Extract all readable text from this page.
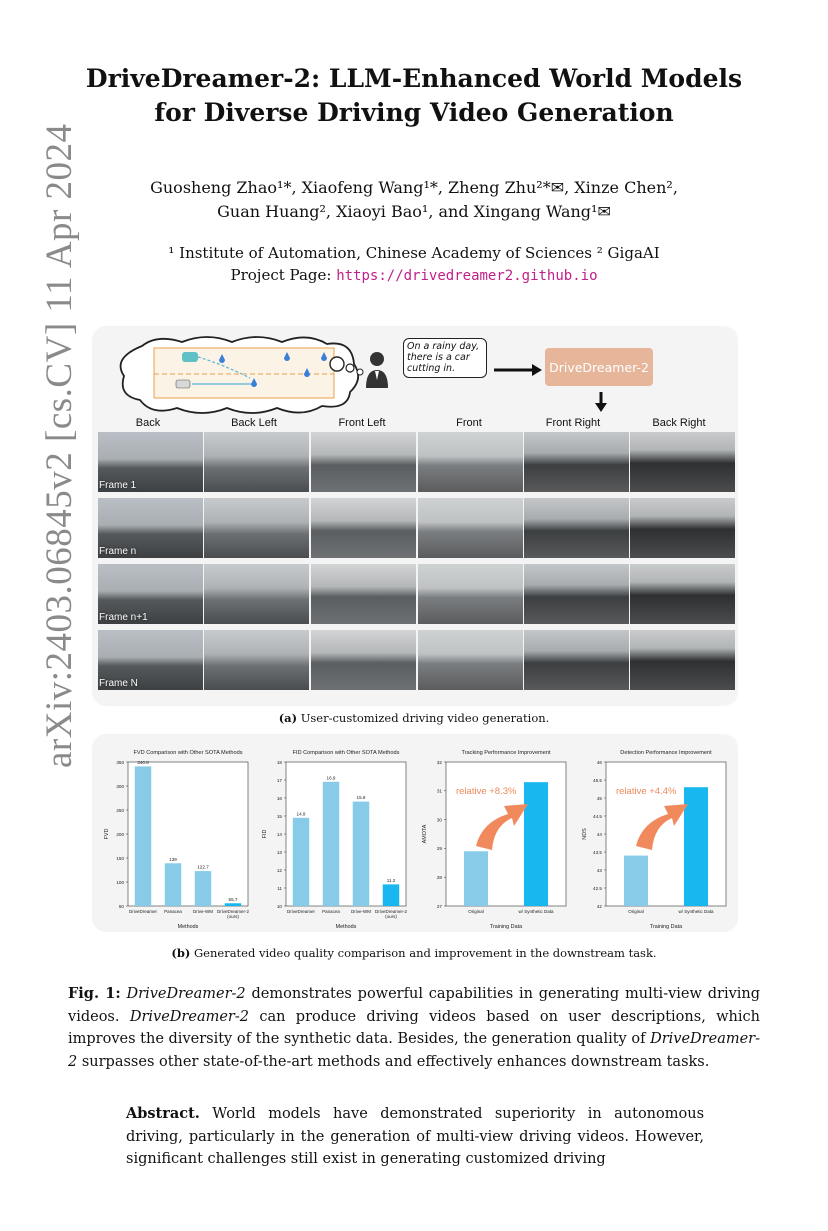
arXiv:2403.06845v2 [cs.CV] 11 Apr 2024
DriveDreamer-2: LLM-Enhanced World Models
for Diverse Driving Video Generation
Guosheng Zhao¹*, Xiaofeng Wang¹*, Zheng Zhu²*✉, Xinze Chen²,
Guan Huang², Xiaoyi Bao¹, and Xingang Wang¹✉
¹ Institute of Automation, Chinese Academy of Sciences ² GigaAI
Project Page: https://drivedreamer2.github.io
On a rainy day, there is a car cutting in.	DriveDreamer-2
Back	Back Left	Front Left	Front	Front Right	Back Right
Frame 1
Frame n
Frame n+1
Frame N
(a) User-customized driving video generation.
FVD Comparison with Other SOTA Methods
FVD
Methods
50
100
150
200
250
300
350	340.8
DriveDreamer
139
Panacea
122.7
Drive-WM
55.7
DriveDreamer-2
(ours)
FID Comparison with Other SOTA Methods
FID
Methods
10
11
12
13
14
15
16
17
18
14.9
DriveDreamer
16.9
Panacea
15.8
Drive-WM
11.2
DriveDreamer-2
(ours)
Tracking Performance Improvement
AMOTA
Training Data
27
28
29
30
31
32
Original	w/ Synthetic Data
relative +8.3%
Detection Performance Improvement
NDS
Training Data
42
42.5
43
43.5
44
44.5
45
45.5
46
Original	w/ Synthetic Data
relative +4.4%
(b) Generated video quality comparison and improvement in the downstream task.
Fig. 1: DriveDreamer-2 demonstrates powerful capabilities in generating multi-view driving videos. DriveDreamer-2 can produce driving videos based on user descriptions, which improves the diversity of the synthetic data. Besides, the generation quality of DriveDreamer-2 surpasses other state-of-the-art methods and effectively enhances downstream tasks.
Abstract. World models have demonstrated superiority in autonomous driving, particularly in the generation of multi-view driving videos. However, significant challenges still exist in generating customized driving
